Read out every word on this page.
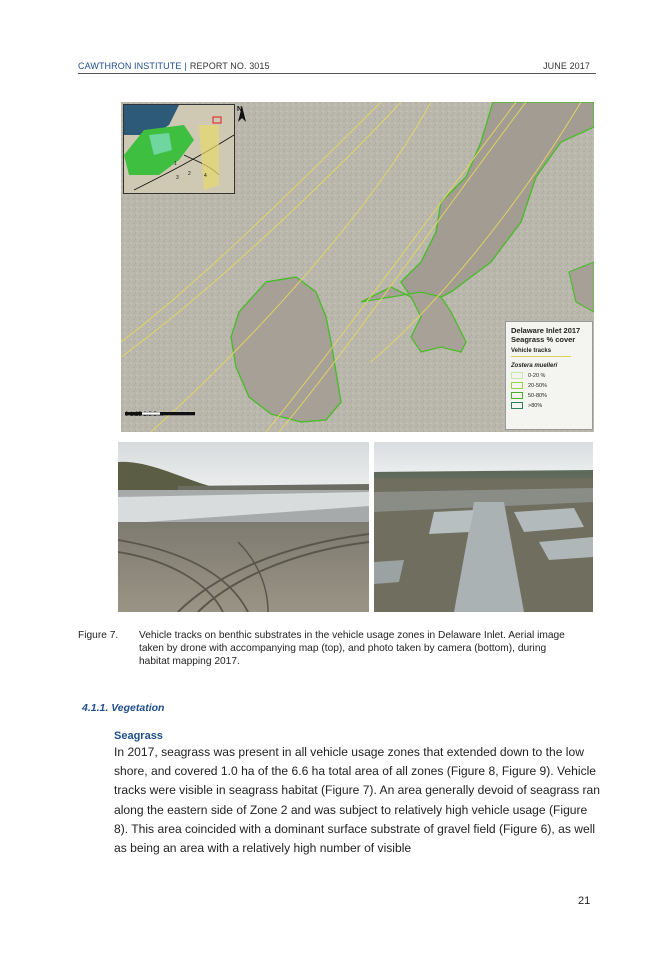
CAWTHRON INSTITUTE | REPORT NO. 3015	JUNE 2017
1
2
3	4
N
Delaware Inlet 2017
Seagrass % cover
Vehicle tracks
Zostera muelleri
0-20 %
20-50%
50-80%
>80%
Figure 7. Vehicle tracks on benthic substrates in the vehicle usage zones in Delaware Inlet. Aerial image taken by drone with accompanying map (top), and photo taken by camera (bottom), during habitat mapping 2017.
4.1.1. Vegetation
Seagrass
In 2017, seagrass was present in all vehicle usage zones that extended down to the low shore, and covered 1.0 ha of the 6.6 ha total area of all zones (Figure 8, Figure 9). Vehicle tracks were visible in seagrass habitat (Figure 7). An area generally devoid of seagrass ran along the eastern side of Zone 2 and was subject to relatively high vehicle usage (Figure 8). This area coincided with a dominant surface substrate of gravel field (Figure 6), as well as being an area with a relatively high number of visible
21
